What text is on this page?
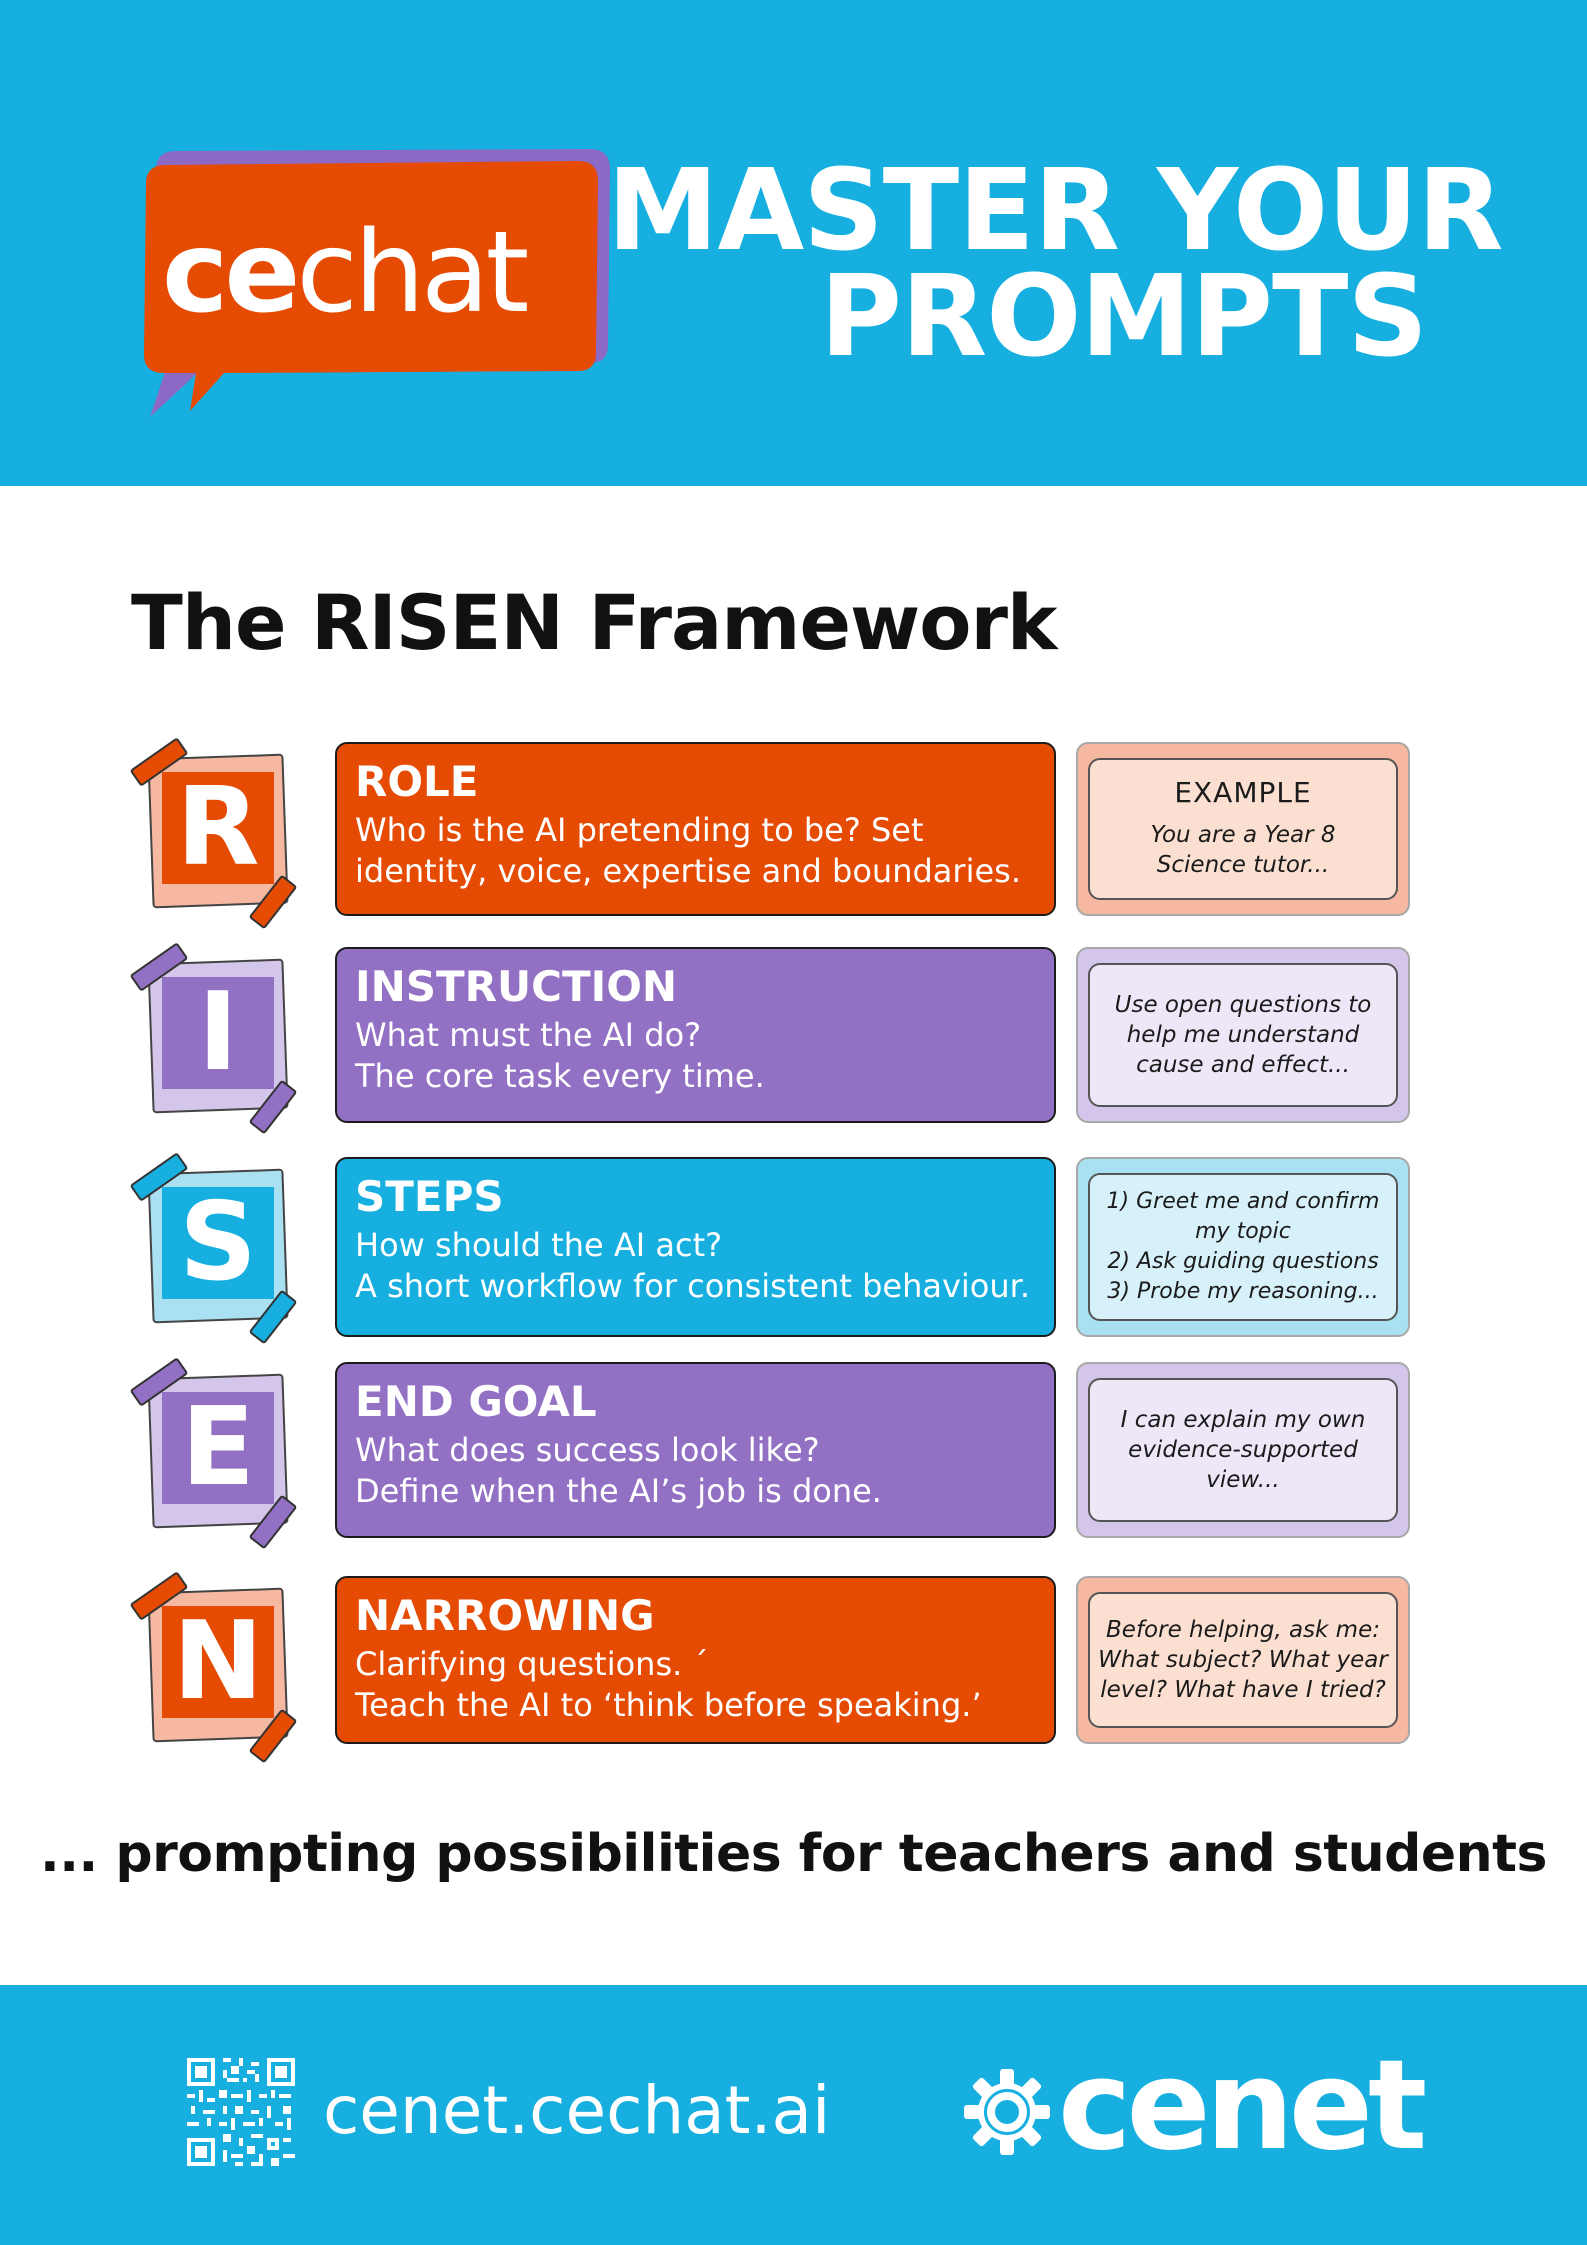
cechat MASTER YOUR
PROMPTS
The RISEN Framework
R	ROLE
Who is the AI pretending to be? Set
identity, voice, expertise and boundaries.
EXAMPLE
You are a Year 8
Science tutor...
I	INSTRUCTION
What must the AI do?
The core task every time.
Use open questions to
help me understand
cause and effect...
S	STEPS
How should the AI act?
A short workflow for consistent behaviour.
1) Greet me and confirm
my topic
2) Ask guiding questions
3) Probe my reasoning...
E	END GOAL
What does success look like?
Define when the AI’s job is done.
I can explain my own
evidence-supported
view...
N NARROWING
Clarifying questions. ´
Teach the AI to ‘think before speaking.’
Before helping, ask me:
What subject? What year
level? What have I tried?
... prompting possibilities for teachers and students
cenet.cechat.ai cenet
